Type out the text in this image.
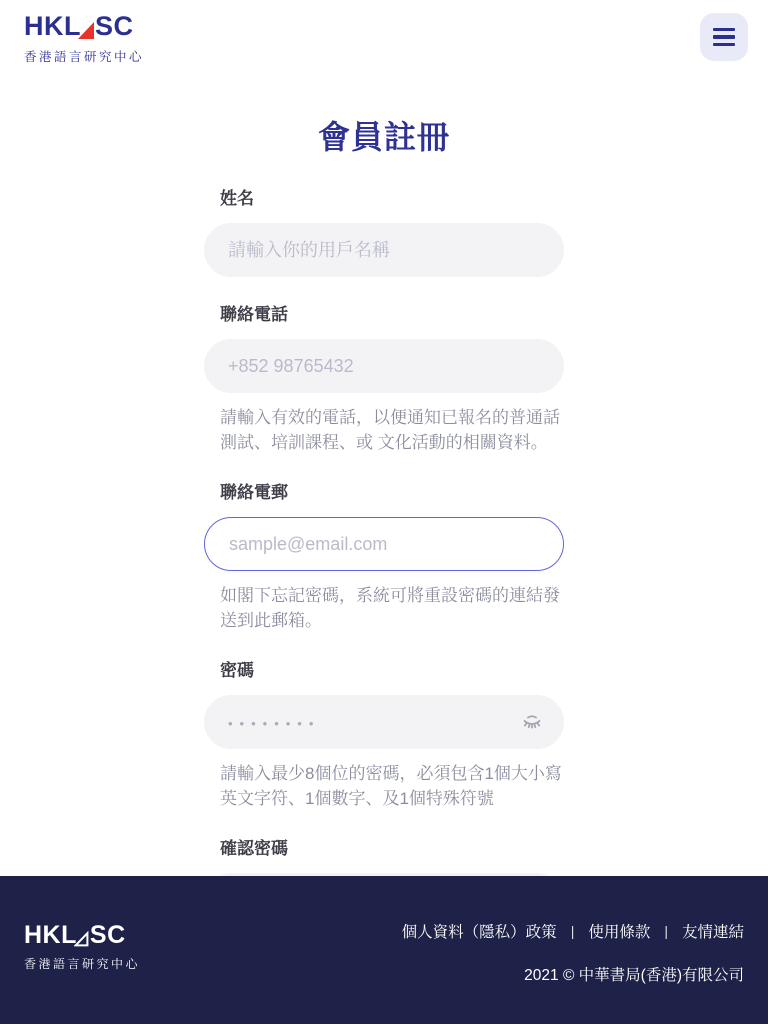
HK L SC
香港語言研究中心
會員註冊
姓名
請輸入你的用戶名稱
聯絡電話
+852 98765432
請輸入有效的電話，以便通知已報名的普通話測試、培訓課程、或 文化活動的相關資料。
聯絡電郵
sample@email.com
如閣下忘記密碼，系統可將重設密碼的連結發送到此郵箱。
密碼
請輸入最少8個位的密碼，必須包含1個大小寫英文字符、1個數字、及1個特殊符號
確認密碼
HK L SC
香港語言研究中心
個人資料（隱私）政策 | 使用條款 | 友情連結
2021 © 中華書局(香港)有限公司
